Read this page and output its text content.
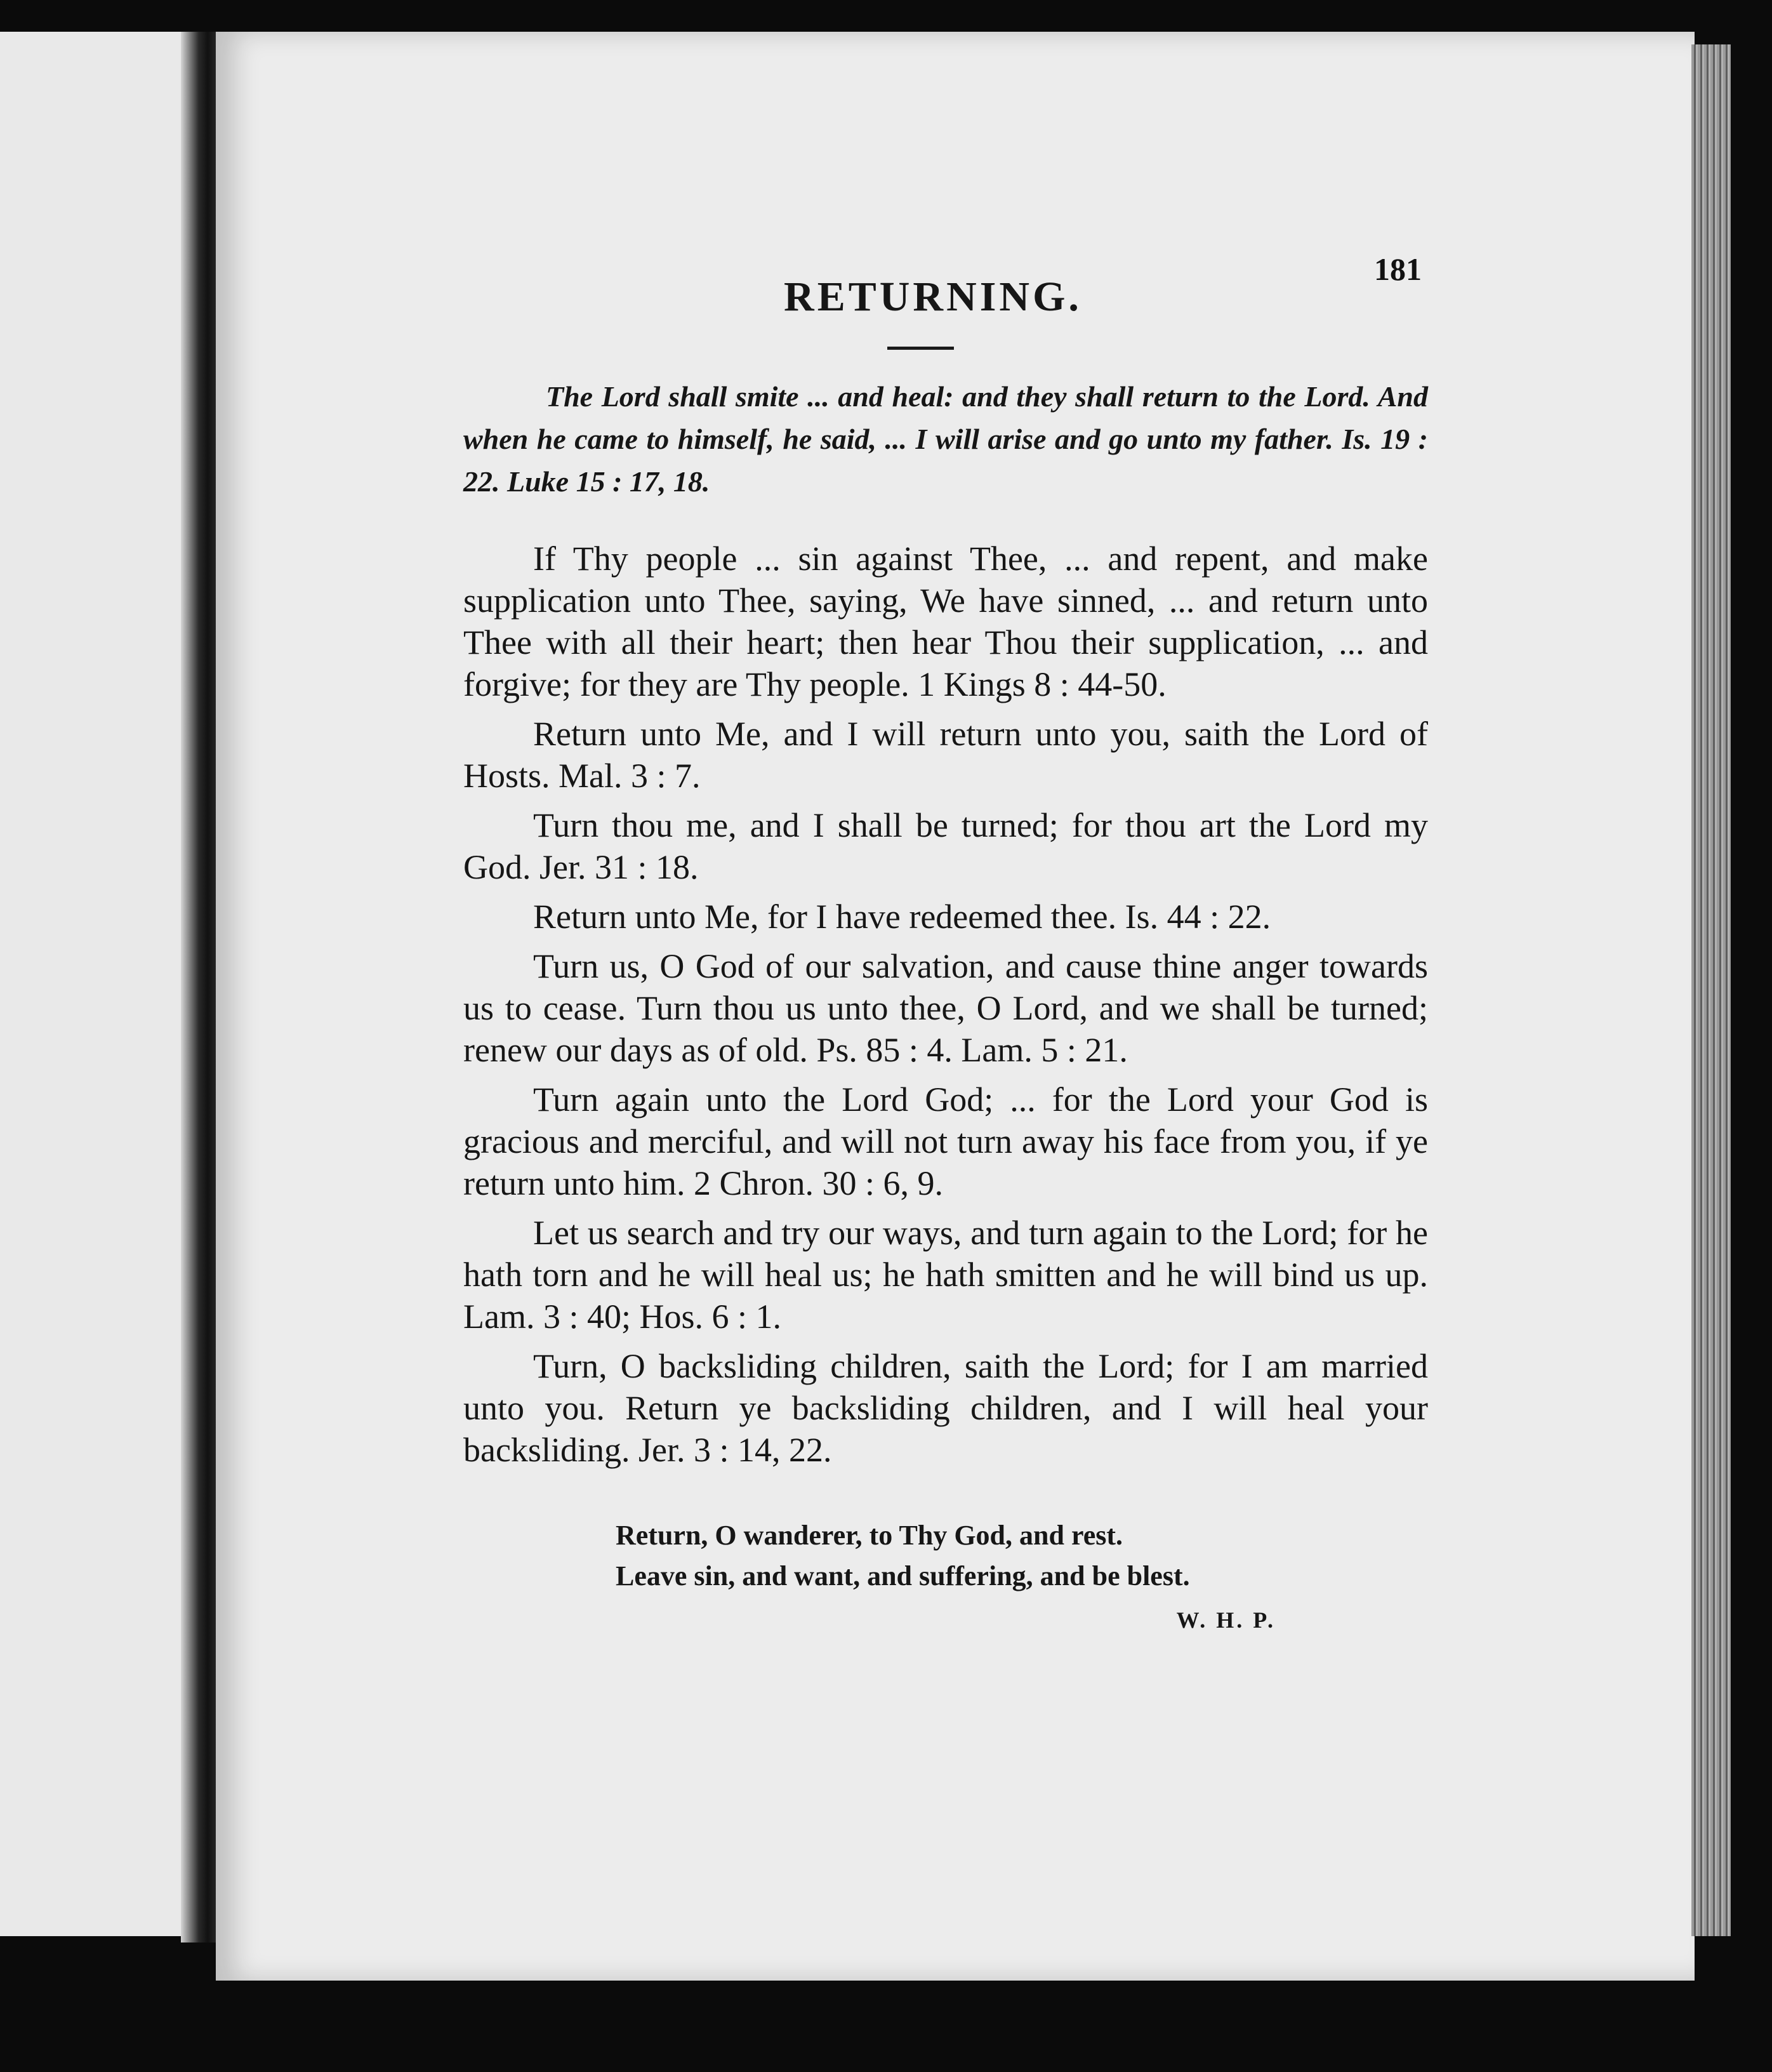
181
RETURNING.

The Lord shall smite ... and heal: and they shall return to the Lord. And when he came to himself, he said, ... I will arise and go unto my father. Is. 19 : 22. Luke 15 : 17, 18.

If Thy people ... sin against Thee, ... and repent, and make supplication unto Thee, saying, We have sinned, ... and return unto Thee with all their heart; then hear Thou their supplication, ... and forgive; for they are Thy people. 1 Kings 8 : 44-50.

Return unto Me, and I will return unto you, saith the Lord of Hosts. Mal. 3 : 7.

Turn thou me, and I shall be turned; for thou art the Lord my God. Jer. 31 : 18.

Return unto Me, for I have redeemed thee. Is. 44 : 22.

Turn us, O God of our salvation, and cause thine anger towards us to cease. Turn thou us unto thee, O Lord, and we shall be turned; renew our days as of old. Ps. 85 : 4. Lam. 5 : 21.

Turn again unto the Lord God; ... for the Lord your God is gracious and merciful, and will not turn away his face from you, if ye return unto him. 2 Chron. 30 : 6, 9.

Let us search and try our ways, and turn again to the Lord; for he hath torn and he will heal us; he hath smitten and he will bind us up. Lam. 3 : 40; Hos. 6 : 1.

Turn, O backsliding children, saith the Lord; for I am married unto you. Return ye backsliding children, and I will heal your backsliding. Jer. 3 : 14, 22.

Return, O wanderer, to Thy God, and rest.
Leave sin, and want, and suffering, and be blest.
W. H. P.
